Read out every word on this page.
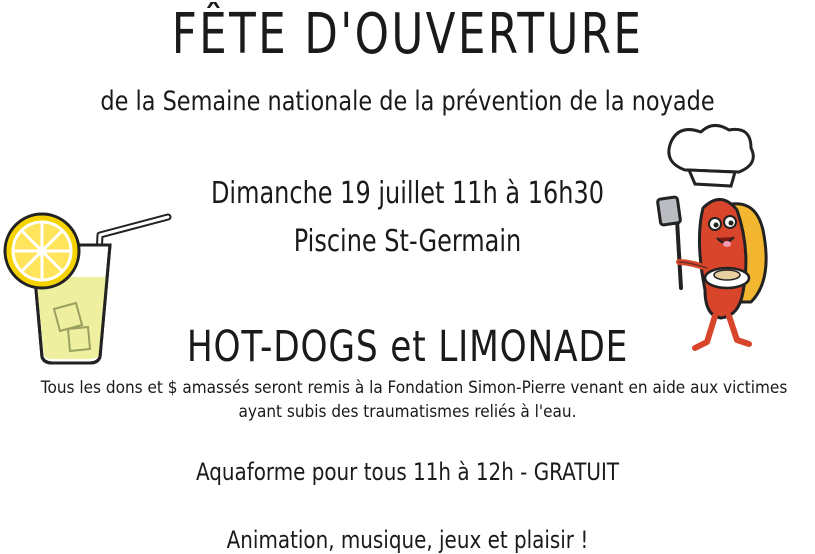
FÊTE D'OUVERTURE
de la Semaine nationale de la prévention de la noyade
Dimanche 19 juillet 11h à 16h30
Piscine St-Germain
HOT-DOGS et LIMONADE
Tous les dons et $ amassés seront remis à la Fondation Simon-Pierre venant en aide aux victimes
ayant subis des traumatismes reliés à l'eau.
Aquaforme pour tous 11h à 12h - GRATUIT
Animation, musique, jeux et plaisir !
